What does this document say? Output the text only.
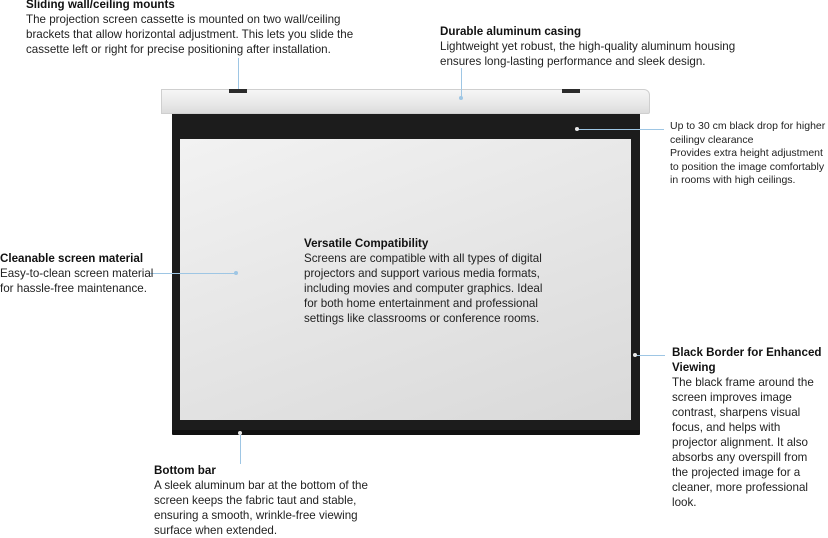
Sliding wall/ceiling mounts
The projection screen cassette is mounted on two wall/ceiling brackets that allow horizontal adjustment. This lets you slide the cassette left or right for precise positioning after installation.
Durable aluminum casing
Lightweight yet robust, the high-quality aluminum housing ensures long-lasting performance and sleek design.
Up to 30 cm black drop for higher ceilingv clearance
Provides extra height adjustment to position the image comfortably in rooms with high ceilings.
Cleanable screen material
Easy-to-clean screen material for hassle-free maintenance.
Versatile Compatibility
Screens are compatible with all types of digital projectors and support various media formats, including movies and computer graphics. Ideal for both home entertainment and professional settings like classrooms or conference rooms.
Black Border for Enhanced Viewing
The black frame around the screen improves image contrast, sharpens visual focus, and helps with projector alignment. It also absorbs any overspill from the projected image for a cleaner, more professional look.
Bottom bar
A sleek aluminum bar at the bottom of the screen keeps the fabric taut and stable, ensuring a smooth, wrinkle-free viewing surface when extended.
